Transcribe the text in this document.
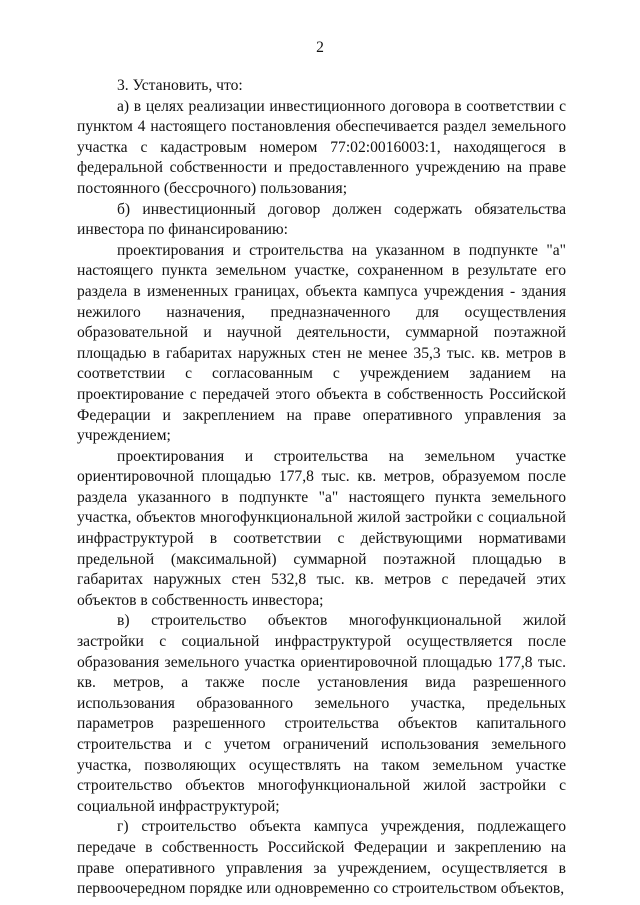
2

3. Установить, что:

а) в целях реализации инвестиционного договора в соответствии с пунктом 4 настоящего постановления обеспечивается раздел земельного участка с кадастровым номером 77:02:0016003:1, находящегося в федеральной собственности и предоставленного учреждению на праве постоянного (бессрочного) пользования;

б) инвестиционный договор должен содержать обязательства инвестора по финансированию:

проектирования и строительства на указанном в подпункте "а" настоящего пункта земельном участке, сохраненном в результате его раздела в измененных границах, объекта кампуса учреждения - здания нежилого назначения, предназначенного для осуществления образовательной и научной деятельности, суммарной поэтажной площадью в габаритах наружных стен не менее 35,3 тыс. кв. метров в соответствии с согласованным с учреждением заданием на проектирование с передачей этого объекта в собственность Российской Федерации и закреплением на праве оперативного управления за учреждением;

проектирования и строительства на земельном участке ориентировочной площадью 177,8 тыс. кв. метров, образуемом после раздела указанного в подпункте "а" настоящего пункта земельного участка, объектов многофункциональной жилой застройки с социальной инфраструктурой в соответствии с действующими нормативами предельной (максимальной) суммарной поэтажной площадью в габаритах наружных стен 532,8 тыс. кв. метров с передачей этих объектов в собственность инвестора;

в) строительство объектов многофункциональной жилой застройки с социальной инфраструктурой осуществляется после образования земельного участка ориентировочной площадью 177,8 тыс. кв. метров, а также после установления вида разрешенного использования образованного земельного участка, предельных параметров разрешенного строительства объектов капитального строительства и с учетом ограничений использования земельного участка, позволяющих осуществлять на таком земельном участке строительство объектов многофункциональной жилой застройки с социальной инфраструктурой;

г) строительство объекта кампуса учреждения, подлежащего передаче в собственность Российской Федерации и закреплению на праве оперативного управления за учреждением, осуществляется в первоочередном порядке или одновременно со строительством объектов,
